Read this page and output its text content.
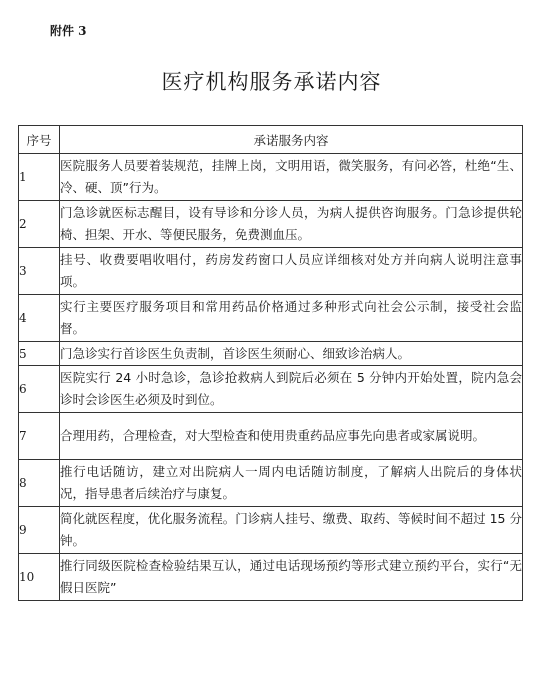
附件 3
医疗机构服务承诺内容
序号	承诺服务内容
1	医院服务人员要着装规范，挂牌上岗，文明用语，微笑服务，有问必答，杜绝“生、冷、硬、顶”行为。
2	门急诊就医标志醒目，设有导诊和分诊人员，为病人提供咨询服务。门急诊提供轮椅、担架、开水、等便民服务，免费测血压。
3	挂号、收费要唱收唱付，药房发药窗口人员应详细核对处方并向病人说明注意事项。
4	实行主要医疗服务项目和常用药品价格通过多种形式向社会公示制，接受社会监督。
5	门急诊实行首诊医生负责制，首诊医生须耐心、细致诊治病人。
6	医院实行 24 小时急诊，急诊抢救病人到院后必须在 5 分钟内开始处置，院内急会诊时会诊医生必须及时到位。
7	合理用药，合理检查，对大型检查和使用贵重药品应事先向患者或家属说明。
8	推行电话随访，建立对出院病人一周内电话随访制度，了解病人出院后的身体状况，指导患者后续治疗与康复。
9	简化就医程度，优化服务流程。门诊病人挂号、缴费、取药、等候时间不超过 15 分钟。
10	推行同级医院检查检验结果互认，通过电话现场预约等形式建立预约平台，实行“无假日医院”
